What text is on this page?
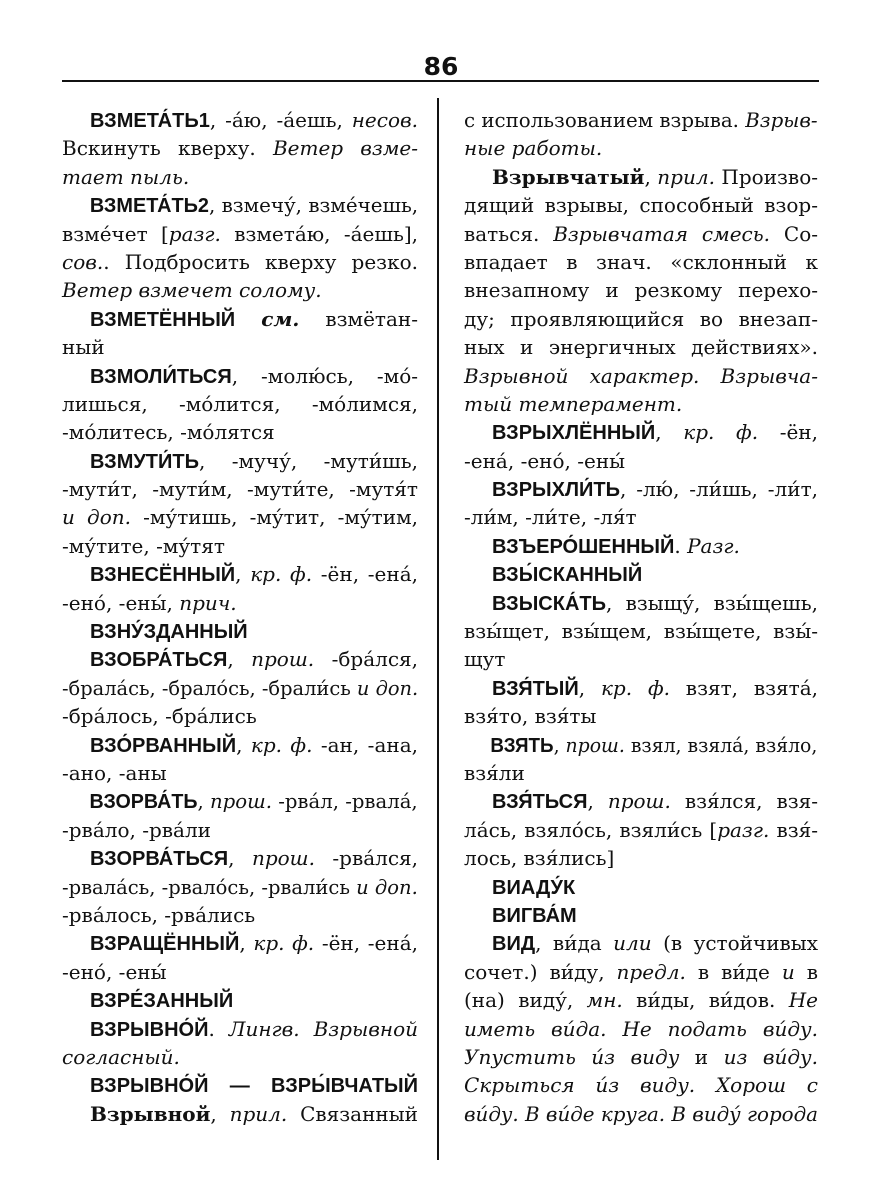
86
ВЗМЕТА́ТЬ1, -а́ю, -а́ешь, несов.
Вскинуть кверху. Ветер взме-
тает пыль.
ВЗМЕТА́ТЬ2, взмечу́, взме́чешь,
взме́чет [разг. взмета́ю, -а́ешь],
сов.. Подбросить кверху резко.
Ветер взмечет солому.
ВЗМЕТЁННЫЙ см. взмётан-
ный
ВЗМОЛИ́ТЬСЯ, -молю́сь, -мо́-
лишься, -мо́лится, -мо́лимся,
-мо́литесь, -мо́лятся
ВЗМУТИ́ТЬ, -мучу́, -мути́шь,
-мути́т, -мути́м, -мути́те, -мутя́т
и доп. -му́тишь, -му́тит, -му́тим,
-му́тите, -му́тят
ВЗНЕСЁННЫЙ, кр. ф. -ён, -ена́,
-ено́, -ены́, прич.
ВЗНУ́ЗДАННЫЙ
ВЗОБРА́ТЬСЯ, прош. -бра́лся,
-брала́сь, -брало́сь, -брали́сь и доп.
-бра́лось, -бра́лись
ВЗО́РВАННЫЙ, кр. ф. -ан, -ана,
-ано, -аны
ВЗОРВА́ТЬ, прош. -рва́л, -рвала́,
-рва́ло, -рва́ли
ВЗОРВА́ТЬСЯ, прош. -рва́лся,
-рвала́сь, -рвало́сь, -рвали́сь и доп.
-рва́лось, -рва́лись
ВЗРАЩЁННЫЙ, кр. ф. -ён, -ена́,
-ено́, -ены́
ВЗРЕ́ЗАННЫЙ
ВЗРЫВНО́Й. Лингв. Взрывной
согласный.
ВЗРЫВНО́Й — ВЗРЫ́ВЧАТЫЙ
Взрывной, прил. Связанный
с использованием взрыва. Взрыв-
ные работы.
Взрывчатый, прил. Произво-
дящий взрывы, способный взор-
ваться. Взрывчатая смесь. Со-
впадает в знач. «склонный к
внезапному и резкому перехо-
ду; проявляющийся во внезап-
ных и энергичных действиях».
Взрывной характер. Взрывча-
тый темперамент.
ВЗРЫХЛЁННЫЙ, кр. ф. -ён,
-ена́, -ено́, -ены́
ВЗРЫХЛИ́ТЬ, -лю́, -ли́шь, -ли́т,
-ли́м, -ли́те, -ля́т
ВЗЪЕРО́ШЕННЫЙ. Разг.
ВЗЫ́СКАННЫЙ
ВЗЫСКА́ТЬ, взыщу́, взы́щешь,
взы́щет, взы́щем, взы́щете, взы́-
щут
ВЗЯ́ТЫЙ, кр. ф. взят, взята́,
взя́то, взя́ты
ВЗЯТЬ, прош. взял, взяла́, взя́ло,
взя́ли
ВЗЯ́ТЬСЯ, прош. взя́лся, взя-
ла́сь, взяло́сь, взяли́сь [разг. взя́-
лось, взя́лись]
ВИАДУ́К
ВИГВА́М
ВИД, ви́да или (в устойчивых
сочет.) ви́ду, предл. в ви́де и в
(на) виду́, мн. ви́ды, ви́дов. Не
иметь ви́да. Не подать ви́ду.
Упустить и́з виду и из ви́ду.
Скрыться и́з виду. Хорош с
ви́ду. В ви́де круга. В виду́ города
